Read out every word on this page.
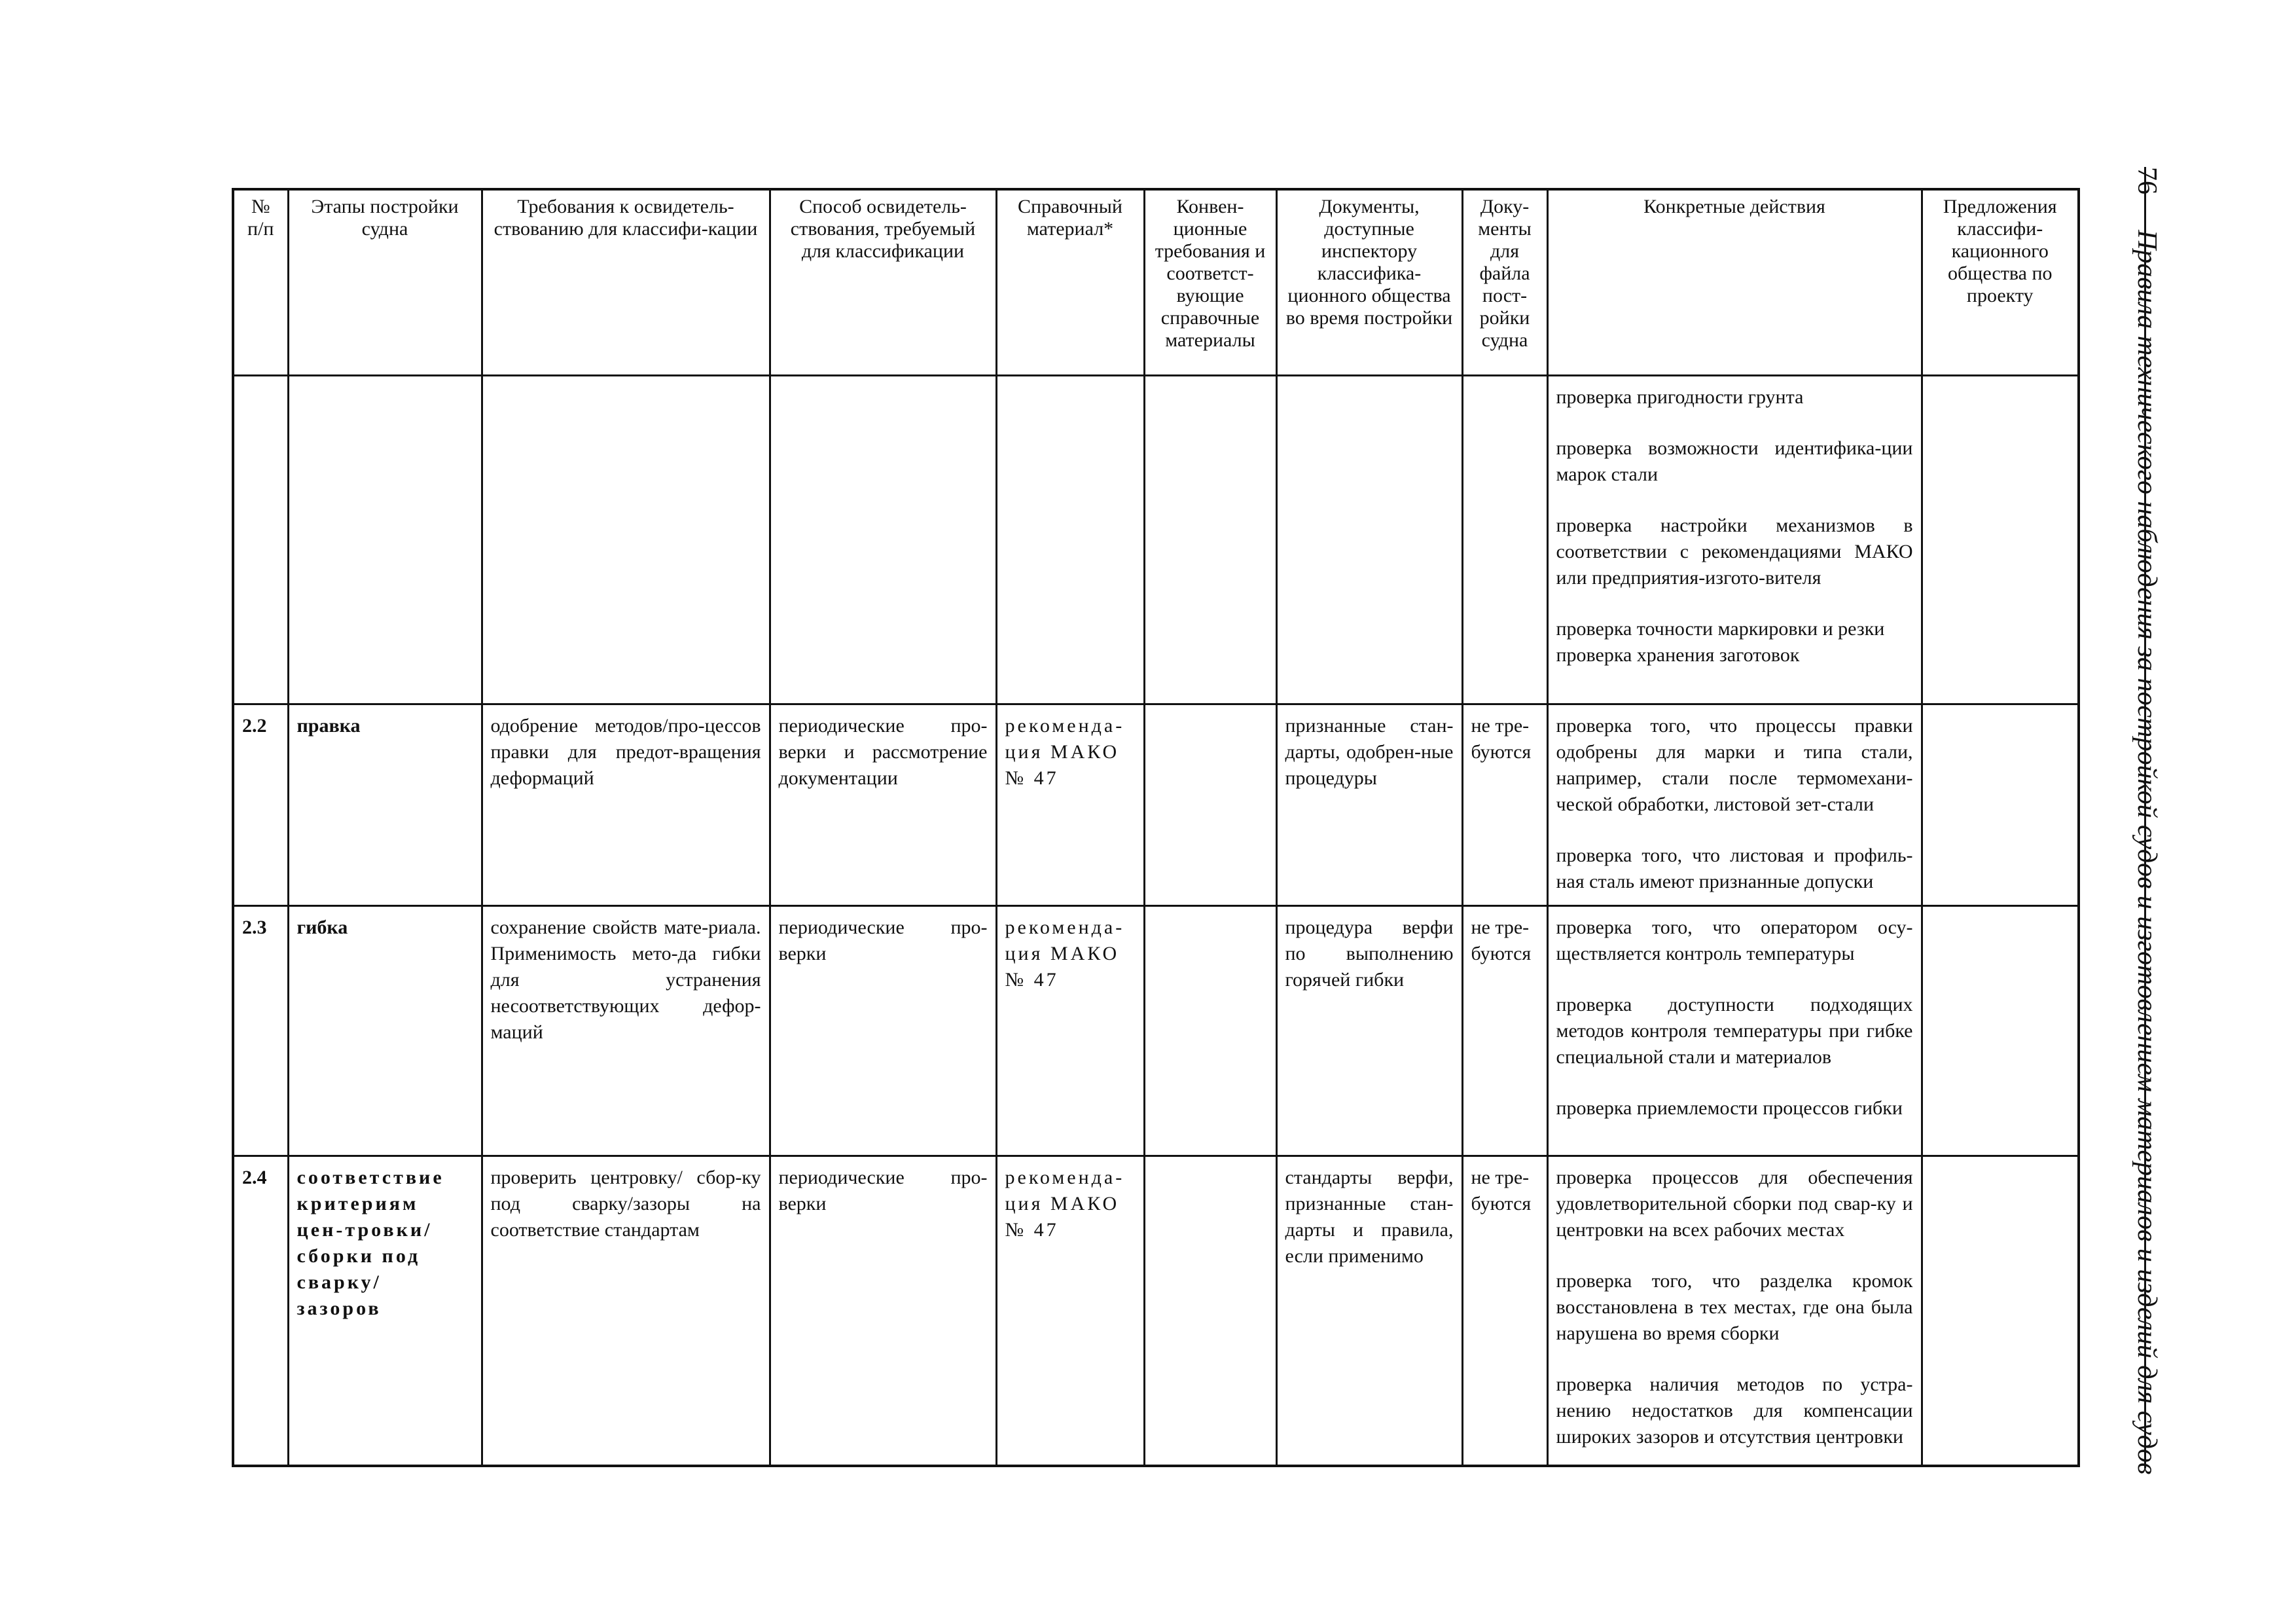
76Правила технического наблюдения за постройкой судов и изготовлением материалов и изделий для судов
№ п/п	Этапы постройки судна	Требования к освидетель-ствованию для классифи-кации	Способ освидетель-ствования, требуемый для классификации	Справочный материал*	Конвен-ционные требования и соответст-вующие справочные материалы	Документы, доступные инспектору классифика-ционного общества во время постройки	Доку-менты для файла пост-ройки судна	Конкретные действия	Предложения классифи-кационного общества по проекту

								проверка пригодности грунта
проверка возможности идентифика-ции марок стали
проверка настройки механизмов в соответствии с рекомендациями МАКО или предприятия-изгото-вителя
проверка точности маркировки и резки
проверка хранения заготовок	

2.2	правка	одобрение методов/про-цессов правки для предот-вращения деформаций	периодические про-верки и рассмотрение документации	рекоменда-ция МАКО № 47		признанные стан-дарты, одобрен-ные процедуры	не тре-буются	проверка того, что процессы правки одобрены для марки и типа стали, например, стали после термомехани-ческой обработки, листовой зет-стали
проверка того, что листовая и профиль-ная сталь имеют признанные допуски	

2.3	гибка	сохранение свойств мате-риала. Применимость мето-да гибки для устранения несоответствующих дефор-маций	периодические про-верки	рекоменда-ция МАКО № 47		процедура верфи по выполнению горячей гибки	не тре-буются	проверка того, что оператором осу-ществляется контроль температуры
проверка доступности подходящих методов контроля температуры при гибке специальной стали и материалов
проверка приемлемости процессов гибки	

2.4	соответствие критериям цен-тровки/ сборки под сварку/ зазоров	проверить центровку/ сбор-ку под сварку/зазоры на соответствие стандартам	периодические про-верки	рекоменда-ция МАКО № 47		стандарты верфи, признанные стан-дарты и правила, если применимо	не тре-буются	проверка процессов для обеспечения удовлетворительной сборки под свар-ку и центровки на всех рабочих местах
проверка того, что разделка кромок восстановлена в тех местах, где она была нарушена во время сборки
проверка наличия методов по устра-нению недостатков для компенсации широких зазоров и отсутствия центровки	
